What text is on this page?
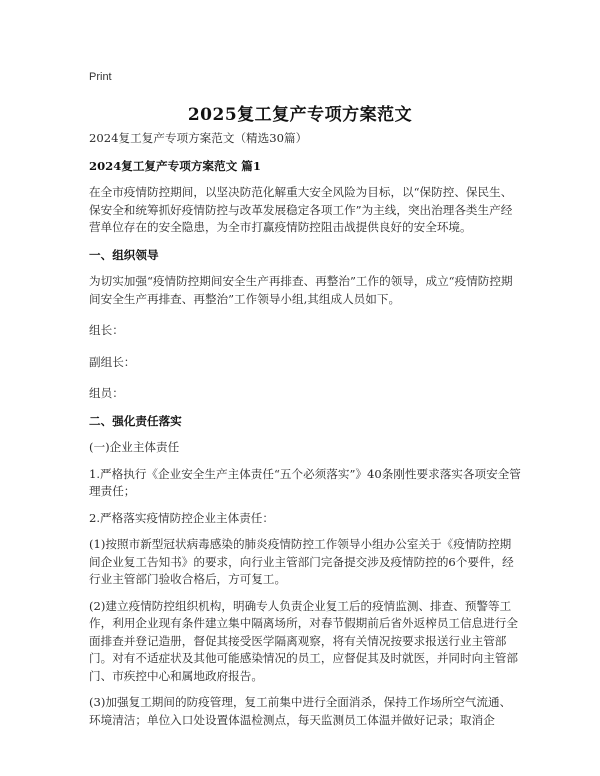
Print
2025复工复产专项方案范文

2024复工复产专项方案范文（精选30篇）

2024复工复产专项方案范文 篇1

在全市疫情防控期间，以坚决防范化解重大安全风险为目标，以“保防控、保民生、保安全和统筹抓好疫情防控与改革发展稳定各项工作”为主线，突出治理各类生产经营单位存在的安全隐患，为全市打赢疫情防控阻击战提供良好的安全环境。

一、组织领导

为切实加强“疫情防控期间安全生产再排查、再整治”工作的领导，成立“疫情防控期间安全生产再排查、再整治”工作领导小组,其组成人员如下。

组长：

副组长：

组员：

二、强化责任落实

(一)企业主体责任

1.严格执行《企业安全生产主体责任“五个必须落实”》40条刚性要求落实各项安全管理责任；

2.严格落实疫情防控企业主体责任：

(1)按照市新型冠状病毒感染的肺炎疫情防控工作领导小组办公室关于《疫情防控期间企业复工告知书》的要求，向行业主管部门完备提交涉及疫情防控的6个要件，经行业主管部门验收合格后，方可复工。

(2)建立疫情防控组织机构，明确专人负责企业复工后的疫情监测、排查、预警等工作，利用企业现有条件建立集中隔离场所，对春节假期前后省外返榨员工信息进行全面排查并登记造册，督促其接受医学隔离观察，将有关情况按要求报送行业主管部门。对有不适症状及其他可能感染情况的员工，应督促其及时就医，并同时向主管部门、市疾控中心和属地政府报告。

(3)加强复工期间的防疫管理，复工前集中进行全面消杀，保持工作场所空气流通、环境清洁；单位入口处设置体温检测点，每天监测员工体温并做好记录；取消企
